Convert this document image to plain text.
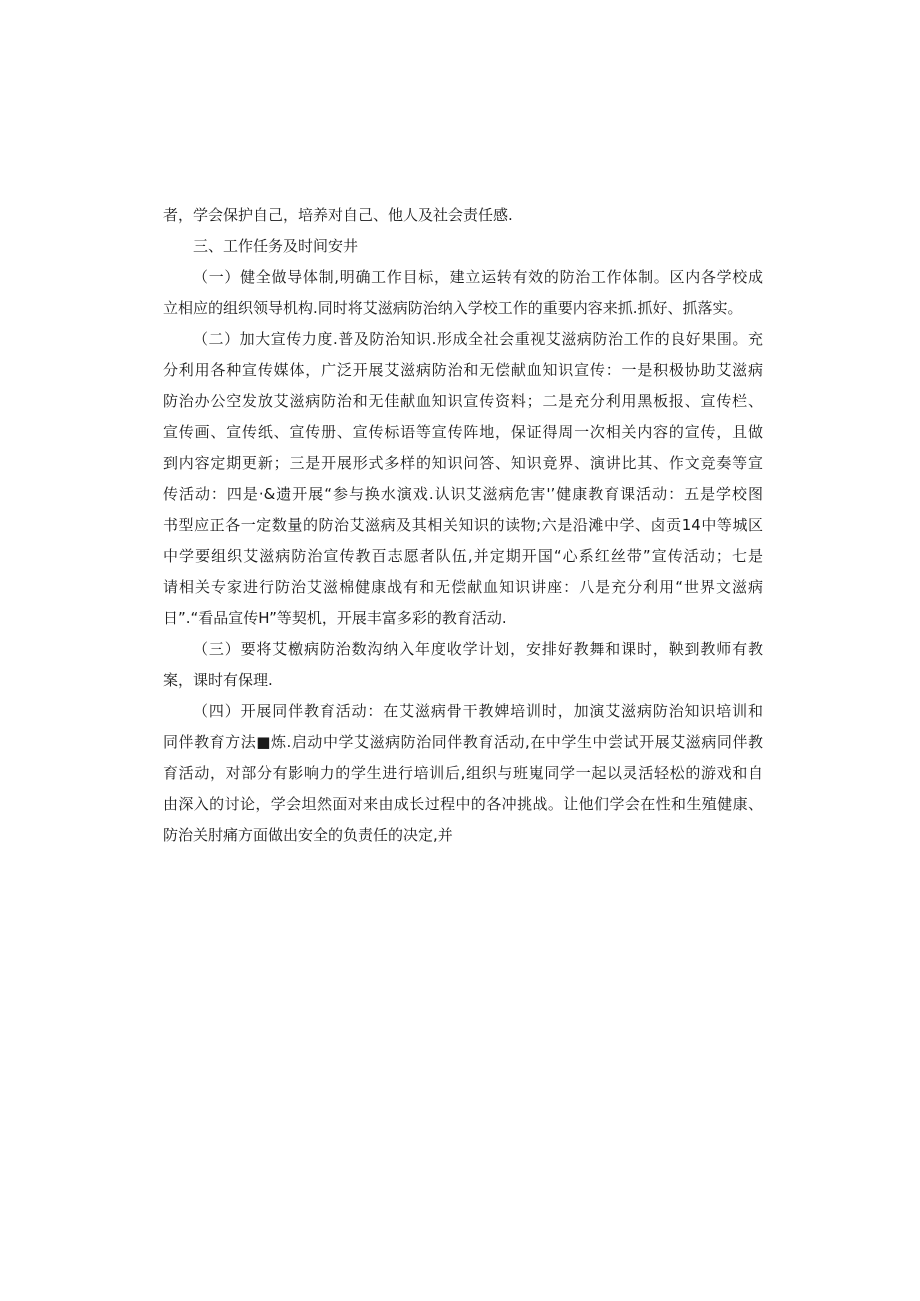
者，学会保护自己，培养对自己、他人及社会责任感.
三、工作任务及时间安井
（一）健全做导体制,明确工作目标，建立运转有效的防治工作体制。区内各学校成
立相应的组织领导机构.同时将艾滋病防治纳入学校工作的重要内容来抓.抓好、抓落实。
（二）加大宣传力度.普及防治知识.形成全社会重视艾滋病防治工作的良好果围。充
分利用各种宣传媒体，广泛开展艾滋病防治和无偿献血知识宣传：一是积极协助艾滋病
防治办公空发放艾滋病防治和无佳献血知识宣传资料；二是充分利用黑板报、宣传栏、
宣传画、宣传纸、宣传册、宣传标语等宣传阵地，保证得周一次相关内容的宣传，且做
到内容定期更新；三是开展形式多样的知识问答、知识竟界、演讲比其、作文竞奏等宣
传活动：四是·&遗开展“参与换水演戏.认识艾滋病危害'’健康教育课活动：五是学校图
书型应正各一定数量的防治艾滋病及其相关知识的读物;六是沿滩中学、卤贡14中等城区
中学要组织艾滋病防治宣传教百志愿者队伍,并定期开国“心系红丝带”宣传活动；七是
请相关专家进行防治艾滋棉健康战有和无偿献血知识讲座：八是充分利用“世界文滋病
日”.“看品宣传H”等契机，开展丰富多彩的教育活动.
（三）要将艾檄病防治数沟纳入年度收学计划，安排好教舞和课时，鞅到教师有教
案，课时有保理.
（四）开展同伴教育活动：在艾滋病骨干教婢培训时，加演艾滋病防治知识培训和
同伴教育方法■炼.启动中学艾滋病防治同伴教育活动,在中学生中尝试开展艾滋病同伴教
育活动，对部分有影响力的学生进行培训后,组织与班嵬同学一起以灵活轻松的游戏和自
由深入的讨论，学会坦然面对来由成长过程中的各冲挑战。让他们学会在性和生殖健康、
防治关肘痛方面做出安全的负责任的决定,并
